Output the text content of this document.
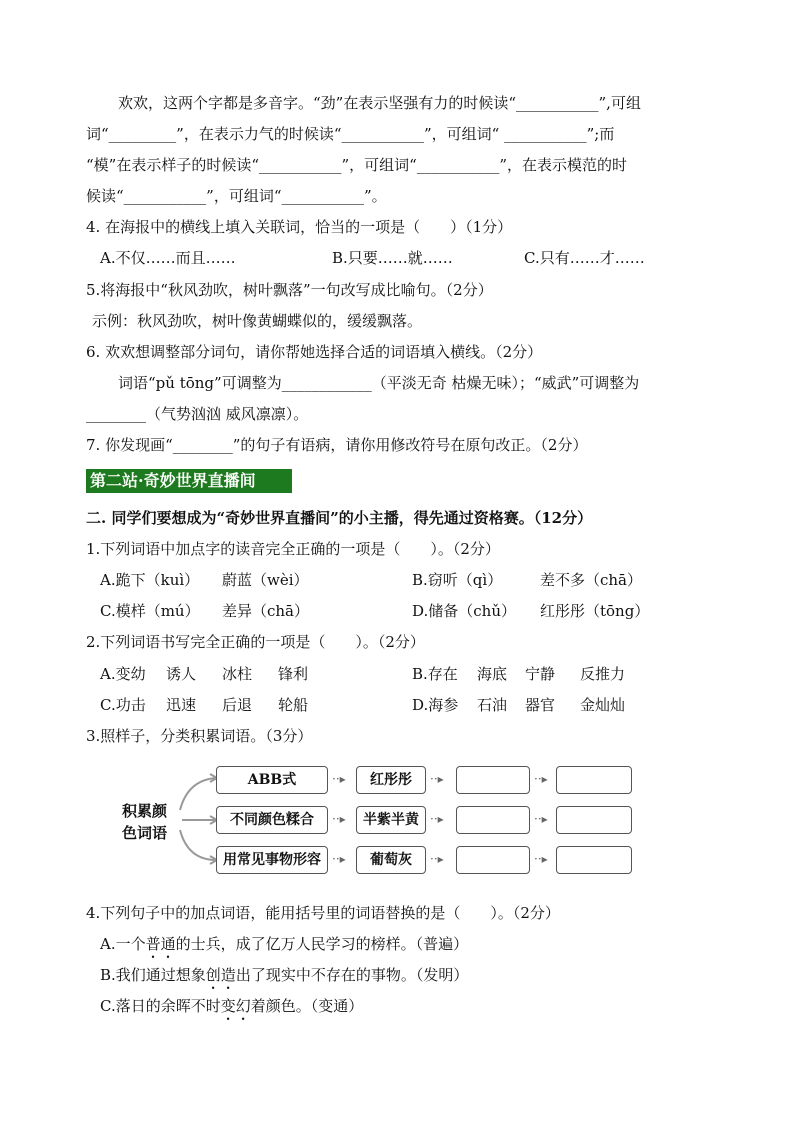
欢欢，这两个字都是多音字。“劲”在表示坚强有力的时候读“___________”,可组
词“_________”，在表示力气的时候读“___________”，可组词“ ___________”;而
“模”在表示样子的时候读“___________”，可组词“___________”，在表示模范的时
候读“___________”，可组词“___________”。
4. 在海报中的横线上填入关联词，恰当的一项是（　　）（1分）
A.不仅……而且……	B.只要……就……	C.只有……才……
5.将海报中“秋风劲吹，树叶飘落”一句改写成比喻句。（2分）
示例：秋风劲吹，树叶像黄蝴蝶似的，缓缓飘落。
6. 欢欢想调整部分词句，请你帮她选择合适的词语填入横线。（2分）
词语“pǔ tōng”可调整为____________（平淡无奇 枯燥无味）；“威武”可调整为
________（气势汹汹 威风凛凛）。
7. 你发现画“________”的句子有语病，请你用修改符号在原句改正。（2分）
第二站·奇妙世界直播间
二. 同学们要想成为“奇妙世界直播间”的小主播，得先通过资格赛。（12分）
1.下列词语中加点字的读音完全正确的一项是（　　）。（2分）
A.跪下（kuì） 蔚蓝（wèi）	B.窃听（qì）	差不多（chā）
C.模样（mú） 差异（chā）	D.储备（chǔ） 红彤彤（tōng）
2.下列词语书写完全正确的一项是（　　）。（2分）
A.变幼 诱人 冰柱 锋利	B.存在 海底 宁静 反推力
C.功击 迅速 后退 轮船	D.海参 石油 器官 金灿灿
3.照样子，分类积累词语。（3分）
积累颜
色词语
ABB式	··▸	红彤彤	··▸	··▸
不同颜色糅合	··▸	半紫半黄 ··▸	··▸
用常见事物形容 ··▸	葡萄灰	··▸	··▸
4.下列句子中的加点词语，能用括号里的词语替换的是（　　）。（2分）
A.一个普通的士兵，成了亿万人民学习的榜样。（普遍）
B.我们通过想象创造出了现实中不存在的事物。（发明）
C.落日的余晖不时变幻着颜色。（变通）
